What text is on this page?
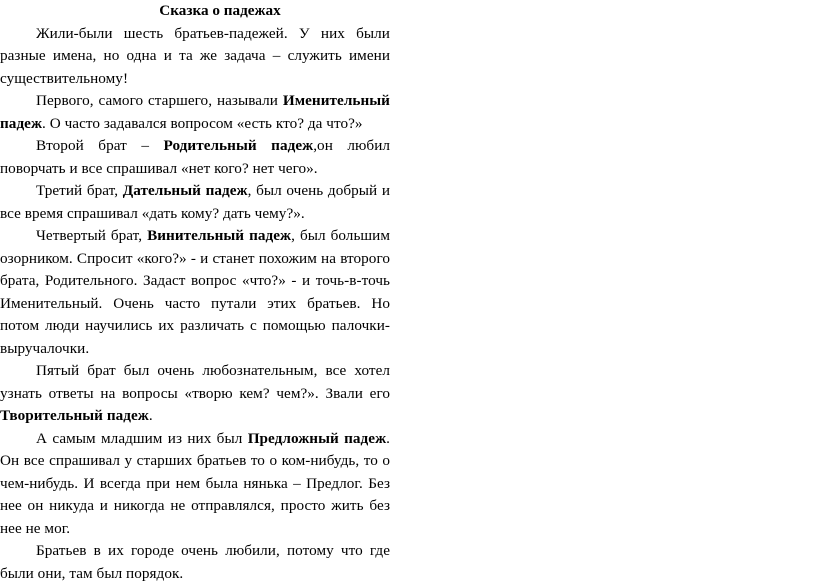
Сказка о падежах

Жили-были шесть братьев-падежей. У них были разные имена, но одна и та же задача – служить имени существительному!

Первого, самого старшего, называли Именительный падеж. О часто задавался вопросом «есть кто? да что?»

Второй брат – Родительный падеж,он любил поворчать и все спрашивал «нет кого? нет чего».

Третий брат, Дательный падеж, был очень добрый и все время спрашивал «дать кому? дать чему?».

Четвертый брат, Винительный падеж, был большим озорником. Спросит «кого?» - и станет похожим на второго брата, Родительного. Задаст вопрос «что?» - и точь-в-точь Именительный. Очень часто путали этих братьев. Но потом люди научились их различать с помощью палочки-выручалочки.

Пятый брат был очень любознательным, все хотел узнать ответы на вопросы «творю кем? чем?». Звали его Творительный падеж.

А самым младшим из них был Предложный падеж. Он все спрашивал у старших братьев то о ком-нибудь, то о чем-нибудь. И всегда при нем была нянька – Предлог. Без нее он никуда и никогда не отправлялся, просто жить без нее не мог.

Братьев в их городе очень любили, потому что где были они, там был порядок.
